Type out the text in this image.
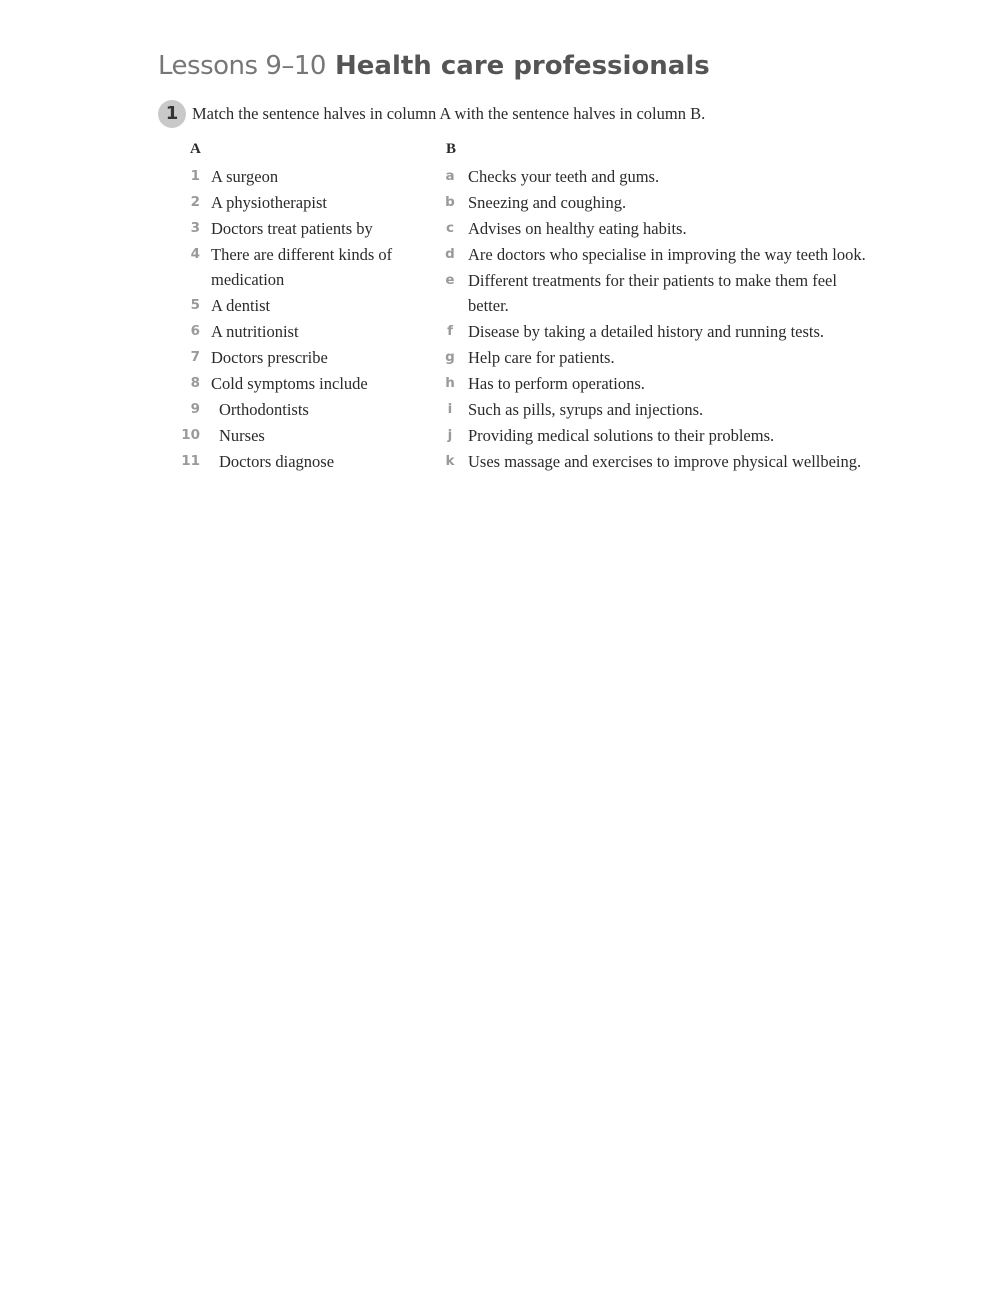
Lessons 9–10 Health care professionals
1 Match the sentence halves in column A with the sentence halves in column B.
A	B
1 A surgeon
2 A physiotherapist
3 Doctors treat patients by
4 There are different kinds of medication
5 A dentist
6 A nutritionist
7 Doctors prescribe
8 Cold symptoms include
9 Orthodontists
10 Nurses
11 Doctors diagnose
a Checks your teeth and gums.
b Sneezing and coughing.
c Advises on healthy eating habits.
d Are doctors who specialise in improving the way teeth look.
e Different treatments for their patients to make them feel better.
f Disease by taking a detailed history and running tests.
g Help care for patients.
h Has to perform operations.
i Such as pills, syrups and injections.
j Providing medical solutions to their problems.
k Uses massage and exercises to improve physical wellbeing.
